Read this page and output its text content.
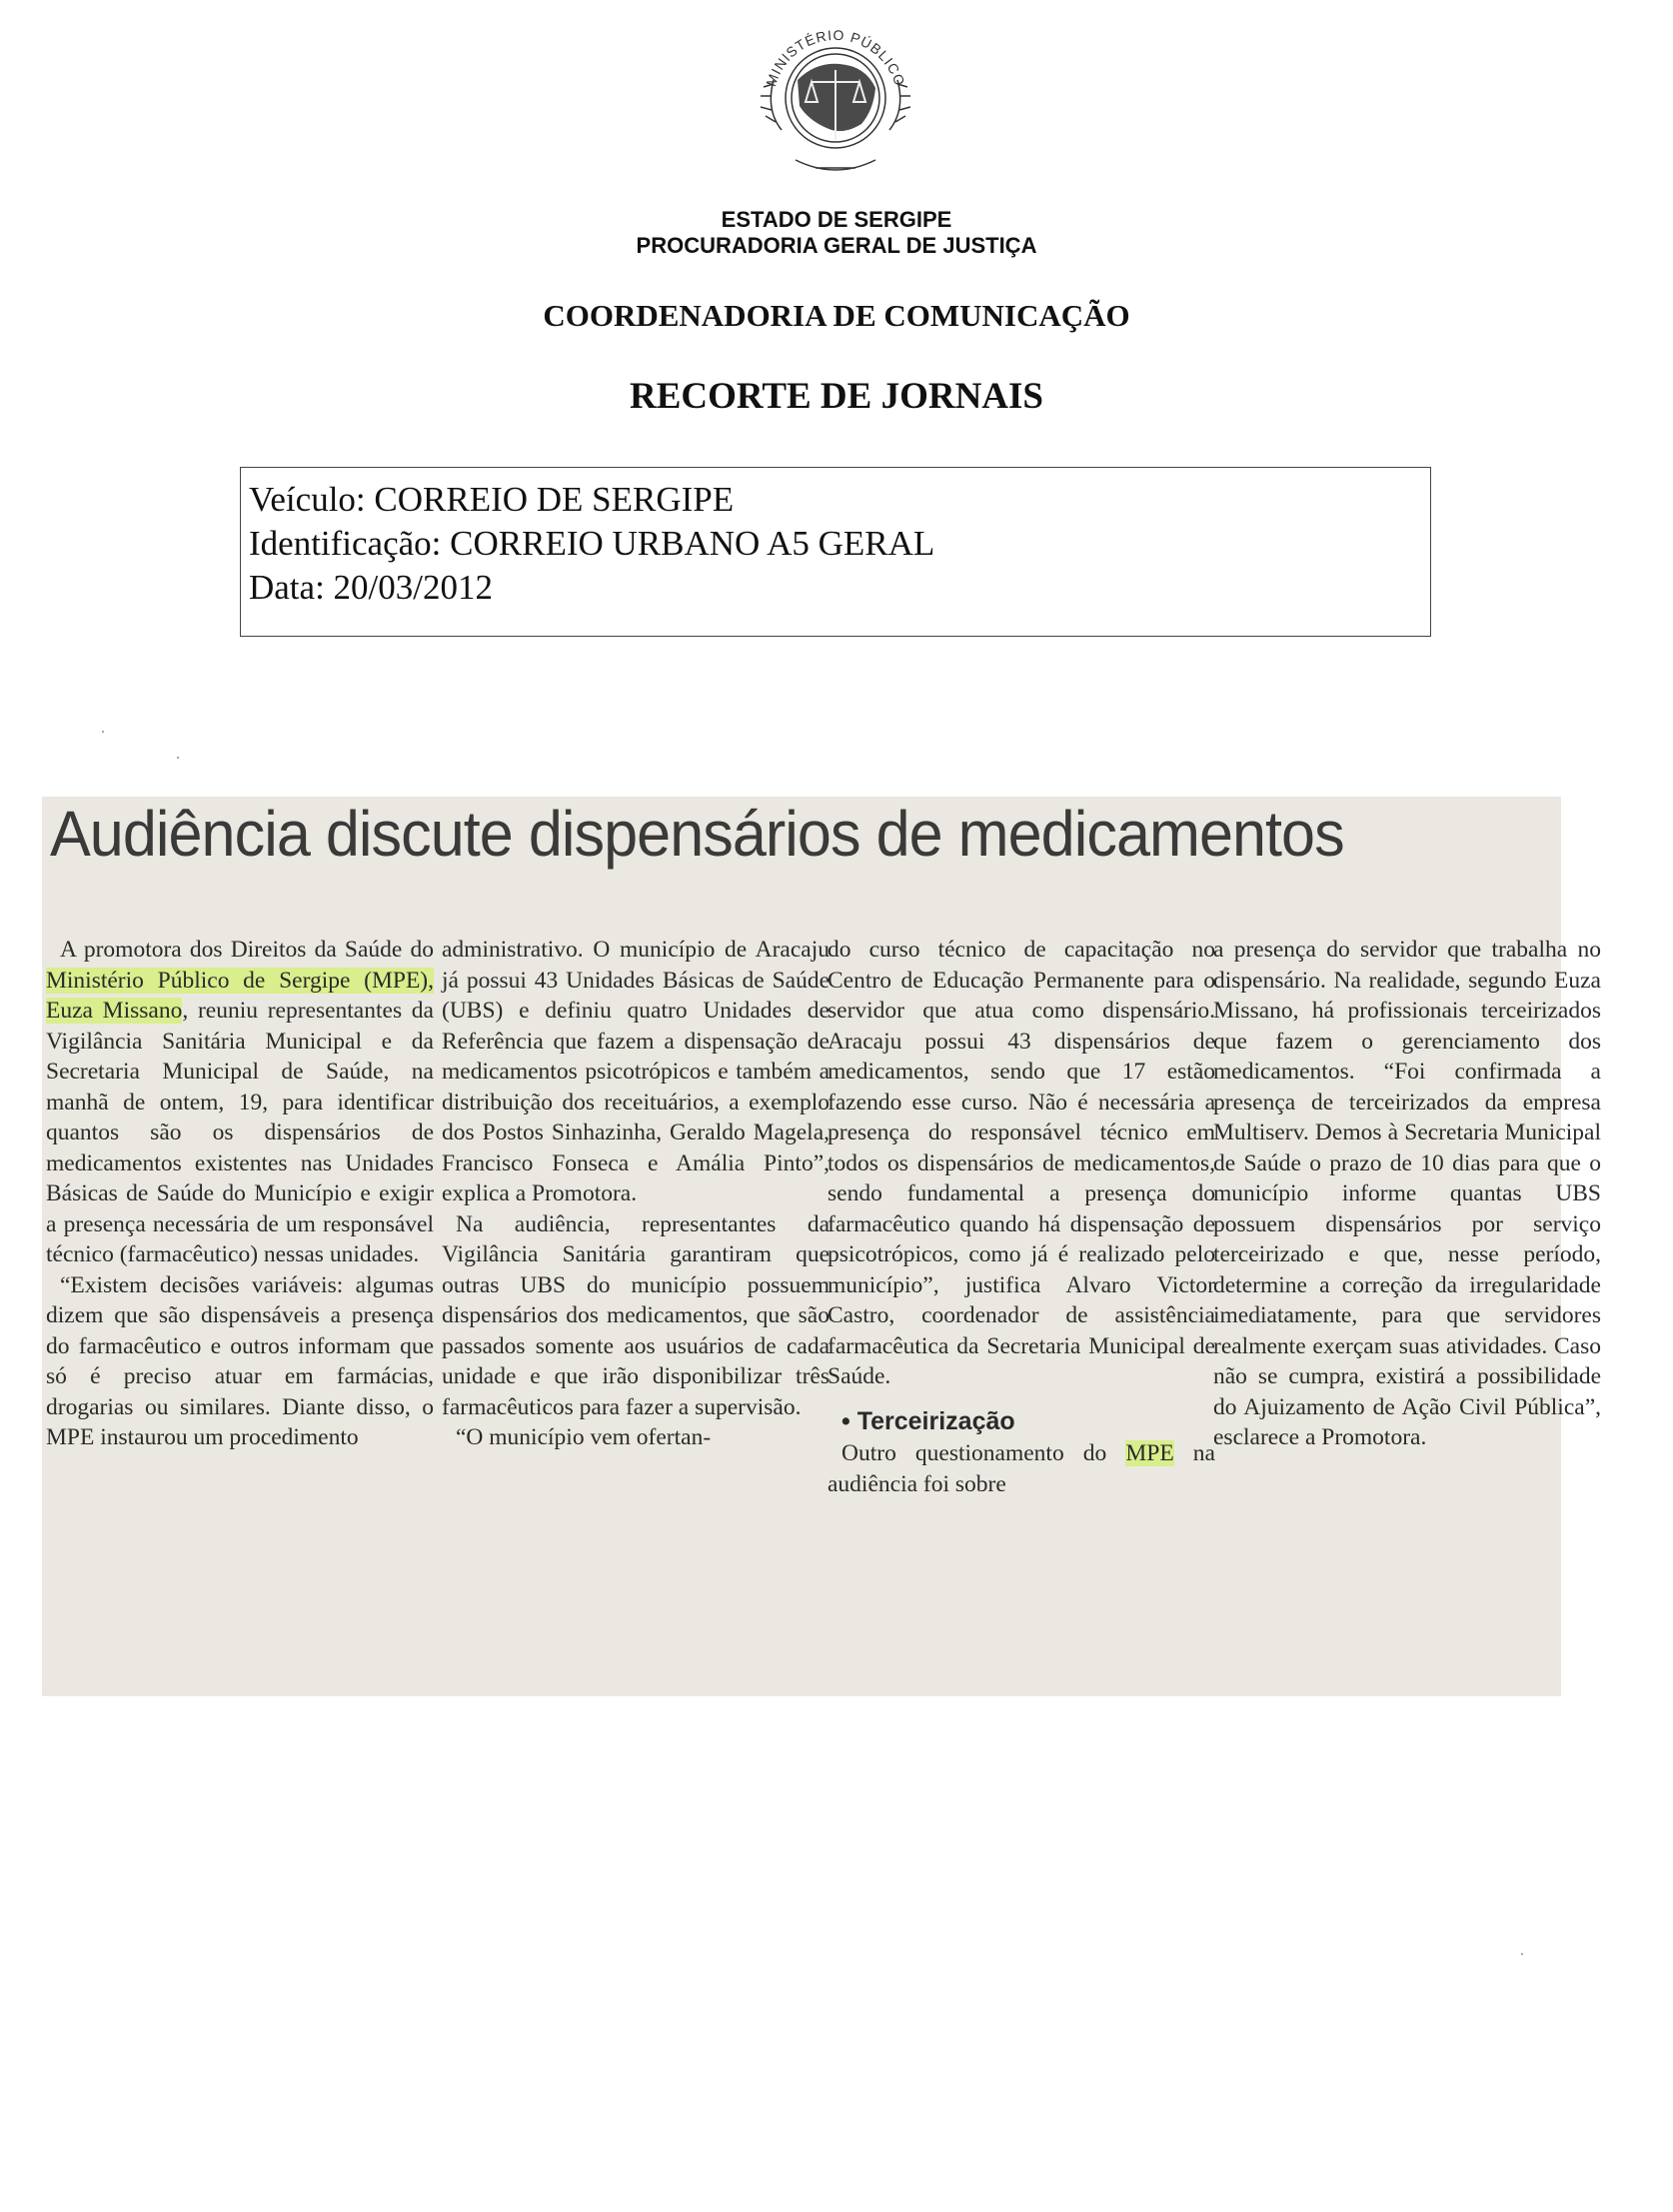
MINISTÉRIO PÚBLICO
ESTADO DE SERGIPE
PROCURADORIA GERAL DE JUSTIÇA
COORDENADORIA DE COMUNICAÇÃO
RECORTE DE JORNAIS
Veículo: CORREIO DE SERGIPE
Identificação: CORREIO URBANO A5 GERAL
Data: 20/03/2012
·
·
·
Audiência discute dispensários de medicamentos

A promotora dos Direitos da Saúde do Ministério Público de Sergipe (MPE), Euza Missano, reuniu representantes da Vigilância Sanitária Municipal e da Secretaria Municipal de Saúde, na manhã de ontem, 19, para identificar quantos são os dispensários de medicamentos existentes nas Unidades Básicas de Saúde do Município e exigir a presença necessária de um responsável técnico (farmacêutico) nessas unidades.

“Existem decisões variáveis: algumas dizem que são dispensáveis a presença do farmacêutico e outros informam que só é preciso atuar em farmácias, drogarias ou similares. Diante disso, o MPE instaurou um procedimento

administrativo. O município de Aracaju já possui 43 Unidades Básicas de Saúde (UBS) e definiu quatro Unidades de Referência que fazem a dispensação de medicamentos psicotrópicos e também a distribuição dos receituários, a exemplo dos Postos Sinhazinha, Geraldo Magela, Francisco Fonseca e Amália Pinto”, explica a Promotora.

Na audiência, representantes da Vigilância Sanitária garantiram que outras UBS do município possuem dispensários dos medicamentos, que são passados somente aos usuários de cada unidade e que irão disponibilizar três farmacêuticos para fazer a supervisão.

“O município vem ofertan-

do curso técnico de capacitação no Centro de Educação Permanente para o servidor que atua como dispensário. Aracaju possui 43 dispensários de medicamentos, sendo que 17 estão fazendo esse curso. Não é necessária a presença do responsável técnico em todos os dispensários de medicamentos, sendo fundamental a presença do farmacêutico quando há dispensação de psicotrópicos, como já é realizado pelo município”, justifica Alvaro Victor Castro, coordenador de assistência farmacêutica da Secretaria Municipal de Saúde.

• Terceirização

Outro questionamento do MPE na audiência foi sobre

a presença do servidor que trabalha no dispensário. Na realidade, segundo Euza Missano, há profissionais terceirizados que fazem o gerenciamento dos medicamentos. “Foi confirmada a presença de terceirizados da empresa Multiserv. Demos à Secretaria Municipal de Saúde o prazo de 10 dias para que o município informe quantas UBS possuem dispensários por serviço terceirizado e que, nesse período, determine a correção da irregularidade imediatamente, para que servidores realmente exerçam suas atividades. Caso não se cumpra, existirá a possibilidade do Ajuizamento de Ação Civil Pública”, esclarece a Promotora.
